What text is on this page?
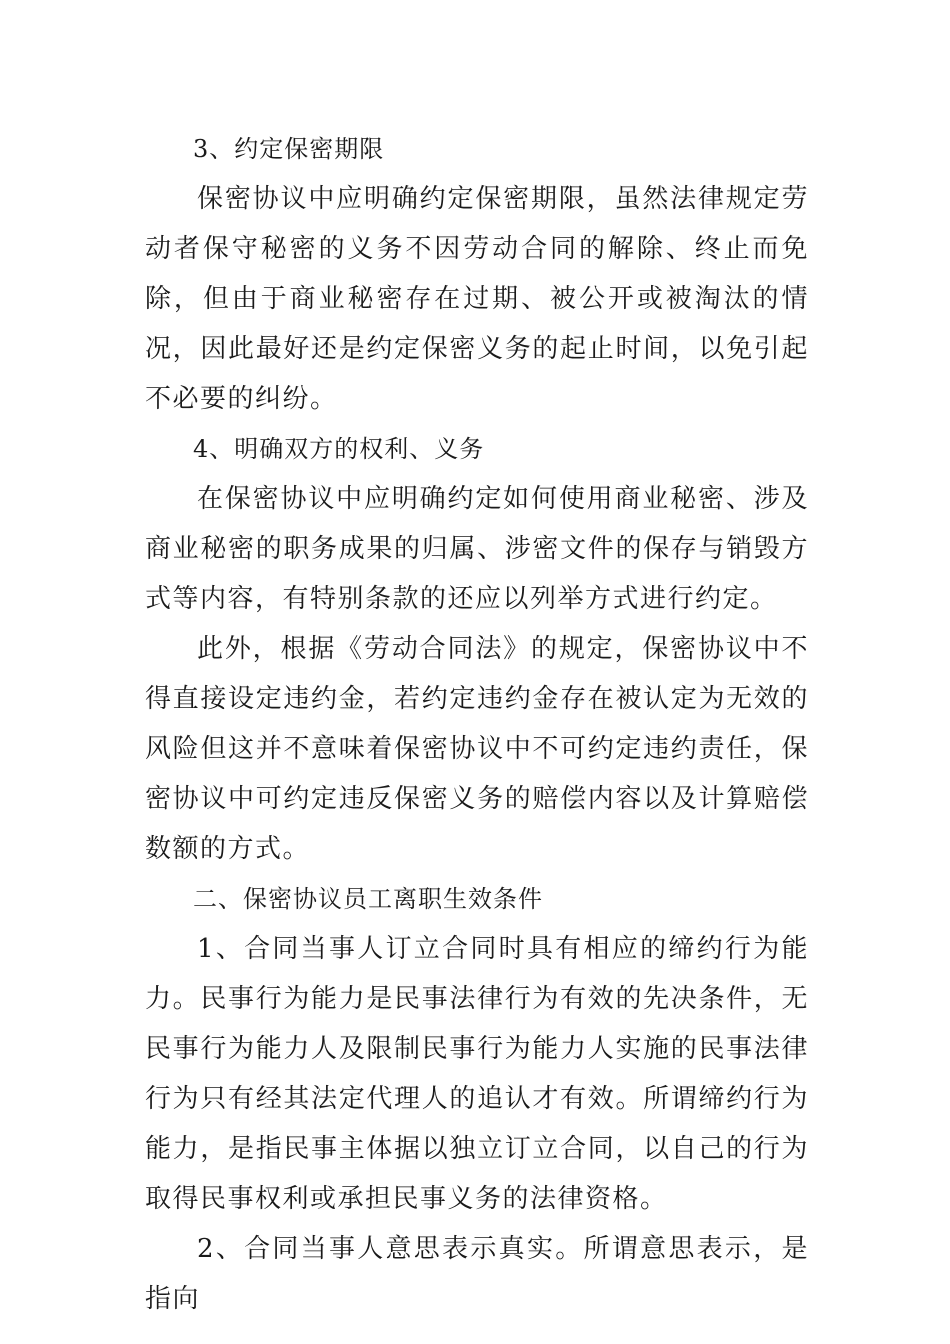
3、约定保密期限

保密协议中应明确约定保密期限，虽然法律规定劳动者保守秘密的义务不因劳动合同的解除、终止而免除，但由于商业秘密存在过期、被公开或被淘汰的情况，因此最好还是约定保密义务的起止时间，以免引起不必要的纠纷。

4、明确双方的权利、义务

在保密协议中应明确约定如何使用商业秘密、涉及商业秘密的职务成果的归属、涉密文件的保存与销毁方式等内容，有特别条款的还应以列举方式进行约定。

此外，根据《劳动合同法》的规定，保密协议中不得直接设定违约金，若约定违约金存在被认定为无效的风险但这并不意味着保密协议中不可约定违约责任，保密协议中可约定违反保密义务的赔偿内容以及计算赔偿数额的方式。

二、保密协议员工离职生效条件

1、合同当事人订立合同时具有相应的缔约行为能力。民事行为能力是民事法律行为有效的先决条件，无民事行为能力人及限制民事行为能力人实施的民事法律行为只有经其法定代理人的追认才有效。所谓缔约行为能力，是指民事主体据以独立订立合同，以自己的行为取得民事权利或承担民事义务的法律资格。

2、合同当事人意思表示真实。所谓意思表示，是指向
